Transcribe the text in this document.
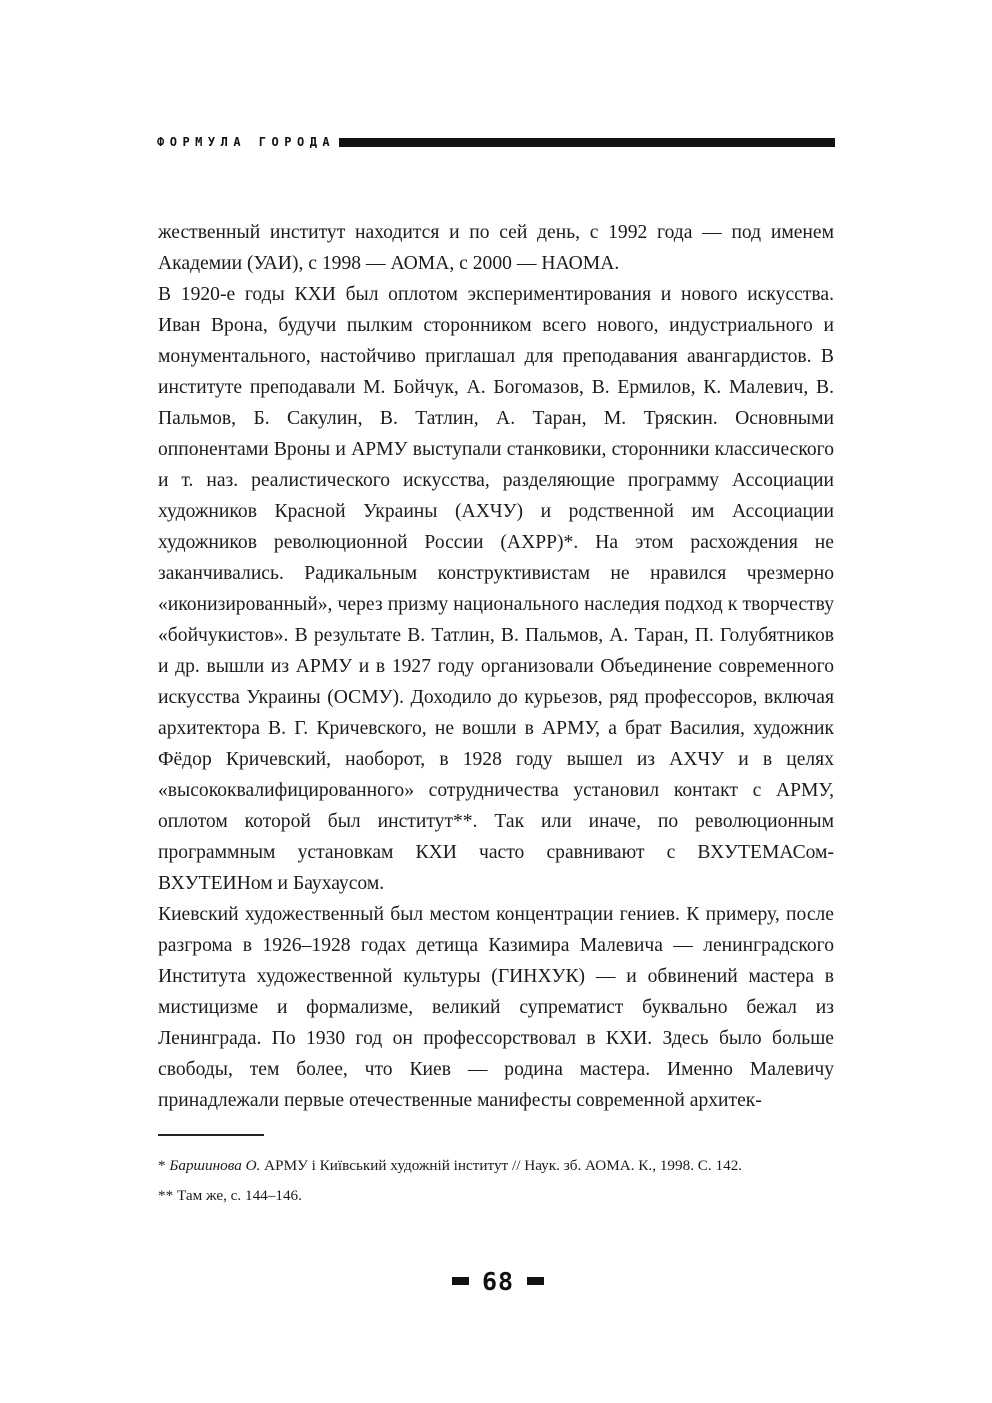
ФОРМУЛА ГОРОДА

жественный институт находится и по сей день, с 1992 года — под именем Академии (УАИ), с 1998 — АОМА, с 2000 — НАОМА.

В 1920-е годы КХИ был оплотом экспериментирования и нового искусства. Иван Врона, будучи пылким сторонником всего нового, индустриального и монументального, настойчиво приглашал для преподавания авангардистов. В институте преподавали М. Бойчук, А. Богомазов, В. Ермилов, К. Малевич, В. Пальмов, Б. Сакулин, В. Татлин, А. Таран, М. Тряскин. Основными оппонентами Вроны и АРМУ выступали станковики, сторонники классического и т. наз. реалистического искусства, разделяющие программу Ассоциации художников Красной Украины (АХЧУ) и родственной им Ассоциации художников революционной России (АХРР)*. На этом расхождения не заканчивались. Радикальным конструктивистам не нравился чрезмерно «иконизированный», через призму национального наследия подход к творчеству «бойчукистов». В результате В. Татлин, В. Пальмов, А. Таран, П. Голубятников и др. вышли из АРМУ и в 1927 году организовали Объединение современного искусства Украины (ОСМУ). Доходило до курьезов, ряд профессоров, включая архитектора В. Г. Кричевского, не вошли в АРМУ, а брат Василия, художник Фёдор Кричевский, наоборот, в 1928 году вышел из АХЧУ и в целях «высококвалифицированного» сотрудничества установил контакт с АРМУ, оплотом которой был институт**. Так или иначе, по революционным программным установкам КХИ часто сравнивают с ВХУТЕМАСом-ВХУТЕИНом и Баухаусом.

Киевский художественный был местом концентрации гениев. К примеру, после разгрома в 1926–1928 годах детища Казимира Малевича — ленинградского Института художественной культуры (ГИНХУК) — и обвинений мастера в мистицизме и формализме, великий супрематист буквально бежал из Ленинграда. По 1930 год он профессорствовал в КХИ. Здесь было больше свободы, тем более, что Киев — родина мастера. Именно Малевичу принадлежали первые отечественные манифесты современной архитек-

* Баршинова О. АРМУ і Київський художній інститут // Наук. зб. АОМА. К., 1998. С. 142.

** Там же, с. 144–146.

68
